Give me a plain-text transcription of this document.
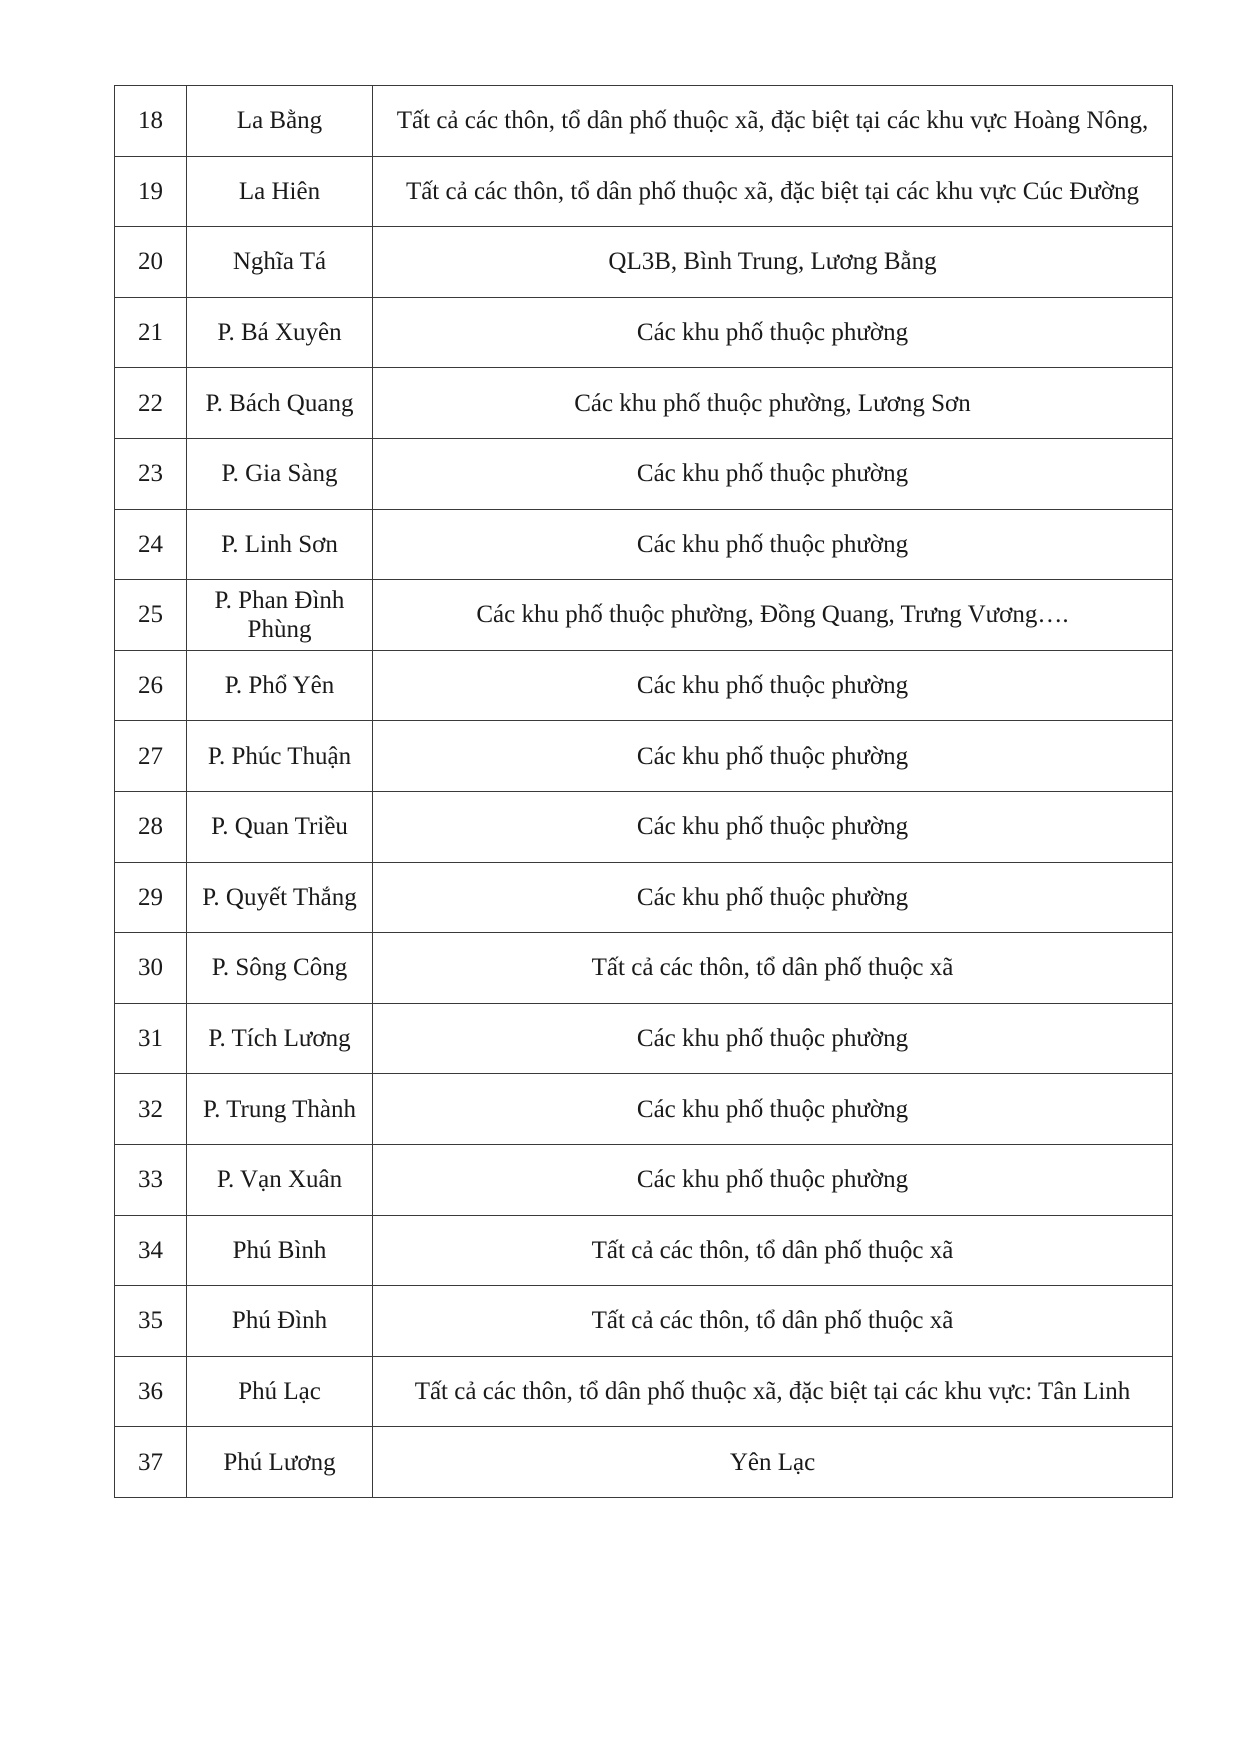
18	La Bằng	Tất cả các thôn, tổ dân phố thuộc xã, đặc biệt tại các khu vực Hoàng Nông,
19	La Hiên	Tất cả các thôn, tổ dân phố thuộc xã, đặc biệt tại các khu vực Cúc Đường
20	Nghĩa Tá	QL3B, Bình Trung, Lương Bằng
21	P. Bá Xuyên	Các khu phố thuộc phường
22	P. Bách Quang	Các khu phố thuộc phường, Lương Sơn
23	P. Gia Sàng	Các khu phố thuộc phường
24	P. Linh Sơn	Các khu phố thuộc phường
25	P. Phan Đình Phùng	Các khu phố thuộc phường, Đồng Quang, Trưng Vương….
26	P. Phổ Yên	Các khu phố thuộc phường
27	P. Phúc Thuận	Các khu phố thuộc phường
28	P. Quan Triều	Các khu phố thuộc phường
29	P. Quyết Thắng	Các khu phố thuộc phường
30	P. Sông Công	Tất cả các thôn, tổ dân phố thuộc xã
31	P. Tích Lương	Các khu phố thuộc phường
32	P. Trung Thành	Các khu phố thuộc phường
33	P. Vạn Xuân	Các khu phố thuộc phường
34	Phú Bình	Tất cả các thôn, tổ dân phố thuộc xã
35	Phú Đình	Tất cả các thôn, tổ dân phố thuộc xã
36	Phú Lạc	Tất cả các thôn, tổ dân phố thuộc xã, đặc biệt tại các khu vực: Tân Linh
37	Phú Lương	Yên Lạc
